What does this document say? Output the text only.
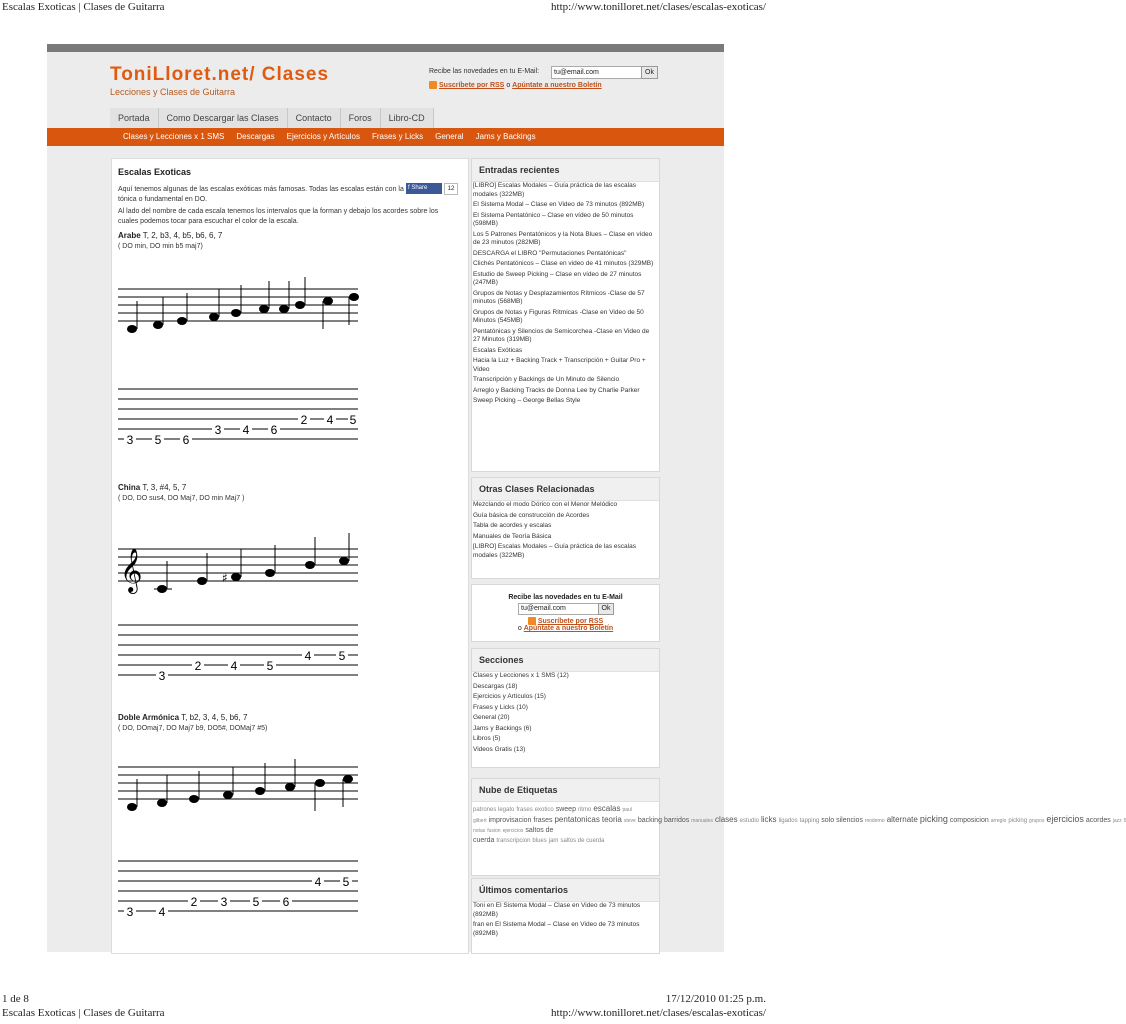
Escalas Exoticas | Clases de Guitarra	http://www.tonilloret.net/clases/escalas-exoticas/
ToniLloret.net/ Clases
Lecciones y Clases de Guitarra
Recibe las novedades en tu E-Mail:	tu@email.com	Ok
Suscríbete por RSS o Apúntate a nuestro Boletín
Portada	Como Descargar las Clases	Contacto	Foros	Libro-CD
Clases y Lecciones x 1 SMS	Descargas	Ejercicios y Artículos	Frases y Licks	General	Jams y Backings
Escalas Exoticas
f Share	12
Aquí tenemos algunas de las escalas exóticas más famosas. Todas las escalas están con la tónica o fundamental en DO.
Al lado del nombre de cada escala tenemos los intervalos que la forman y debajo los acordes sobre los cuales podemos tocar para escuchar el color de la escala.
Arabe T, 2, b3, 4, b5, b6, 6, 7
( DO min, DO min b5 maj7)
3 5 6
3 4 6
2 4 5
China T, 3, #4, 5, 7
( DO, DO sus4, DO Maj7, DO min Maj7 )
𝄞	♯
3
2 4 5
4 5
Doble Armónica T, b2, 3, 4, 5, b6, 7
( DO, DOmaj7, DO Maj7 b9, DO5#, DOMaj7 #5)
3 4
2 3 5 6
4 5
Entradas recientes
[LIBRO] Escalas Modales – Guía práctica de las escalas modales (322MB)
El Sistema Modal – Clase en Video de 73 minutos (892MB)
El Sistema Pentatónico – Clase en vídeo de 50 minutos (598MB)
Los 5 Patrones Pentatónicos y la Nota Blues – Clase en vídeo de 23 minutos (282MB)
DESCARGA el LIBRO "Permutaciones Pentatónicas"
Clichés Pentatónicos – Clase en video de 41 minutos (329MB)
Estudio de Sweep Picking – Clase en vídeo de 27 minutos (247MB)
Grupos de Notas y Desplazamientos Rítmicos -Clase de 57 minutos (568MB)
Grupos de Notas y Figuras Rítmicas -Clase en Video de 50 Minutos (545MB)
Pentatónicas y Silencios de Semicorchea -Clase en Video de 27 Minutos (319MB)
Escalas Exóticas
Hacia la Luz + Backing Track + Transcripción + Guitar Pro + Video
Transcripción y Backings de Un Minuto de Silencio
Arreglo y Backing Tracks de Donna Lee by Charlie Parker
Sweep Picking – George Bellas Style
Otras Clases Relacionadas
Mezclando el modo Dórico con el Menor Melódico
Guía básica de construcción de Acordes
Tabla de acordes y escalas
Manuales de Teoría Básica
[LIBRO] Escalas Modales – Guía práctica de las escalas modales (322MB)
Recibe las novedades en tu E-Mail
tu@email.com	Ok
Suscríbete por RSS
o Apúntate a nuestro Boletín
Secciones
Clases y Lecciones x 1 SMS (12)
Descargas (18)
Ejercicios y Artículos (15)
Frases y Licks (10)
General (20)
Jams y Backings (6)
Libros (5)
Videos Gratis (13)
Nube de Etiquetas
patrones legato frases exotico sweep ritmo escalas paul gilbert improvisacion frases pentatonicas teoria steve backing barridos manuales clases estudio licks ligados tapping solo silencios moderno alternate picking composicion arreglo picking grupos ejercicios acordes jazz 5 notas fusion ejercicios saltos de cuerda transcripcion blues jam saltos de cuerda
Últimos comentarios
Toni en El Sistema Modal – Clase en Video de 73 minutos (892MB)
fran en El Sistema Modal – Clase en Video de 73 minutos (892MB)
1 de 8
Escalas Exoticas | Clases de Guitarra
17/12/2010 01:25 p.m.
http://www.tonilloret.net/clases/escalas-exoticas/
